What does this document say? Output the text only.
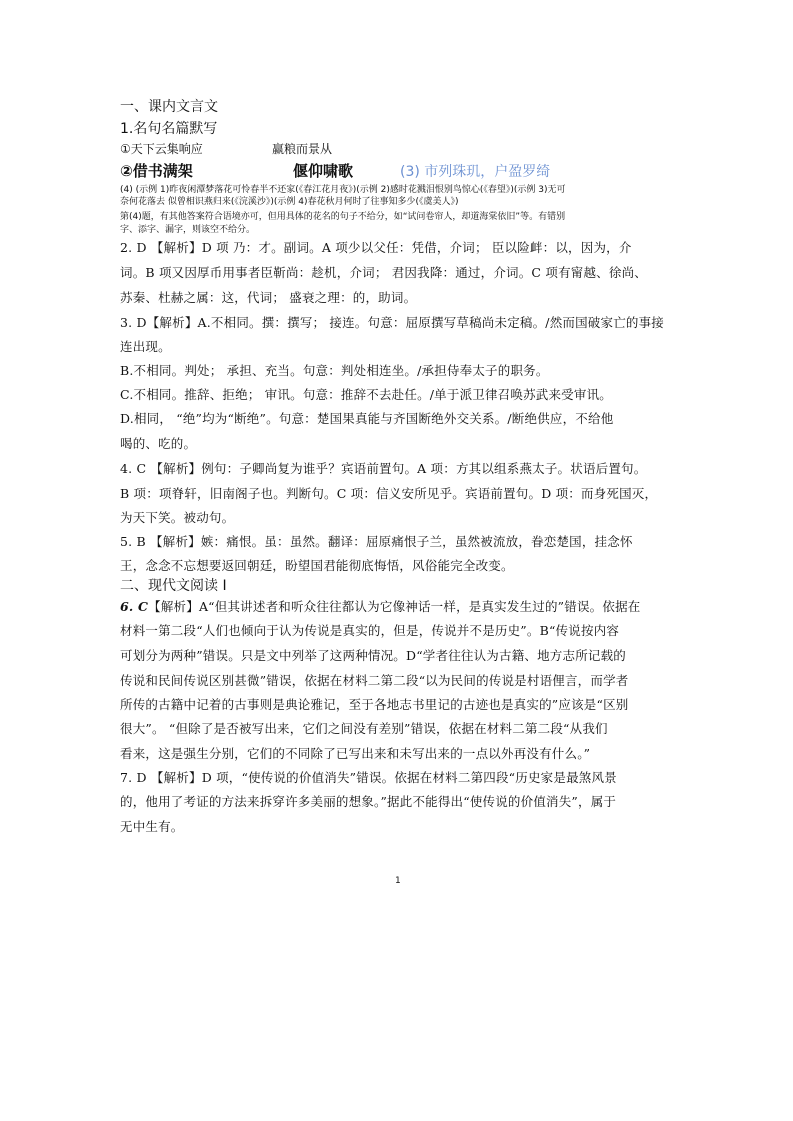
一、课内文言文
1.名句名篇默写
①天下云集响应	赢粮而景从
②借书满架	偃仰啸歌	(3) 市列珠玑，户盈罗绮
(4) (示例 1)昨夜闲潭梦落花可怜春半不还家(《春江花月夜》)(示例 2)感时花溅泪恨别鸟惊心(《春望》)(示例 3)无可
奈何花落去 似曾相识燕归来(《浣溪沙》)(示例 4)春花秋月何时了往事知多少(《虞美人》)
第(4)题，有其他答案符合语境亦可，但用具体的花名的句子不给分，如“试问卷帘人，却道海棠依旧”等。有错别
字、添字、漏字，则该空不给分。
2. D 【解析】D 项 乃：才。副词。A 项少以父任：凭借，介词； 臣以险衅：以，因为，介
词。B 项又因厚币用事者臣靳尚：趁机，介词； 君因我降：通过，介词。C 项有甯越、徐尚、
苏秦、杜赫之属：这，代词； 盛衰之理：的，助词。
3. D【解析】A.不相同。撰：撰写； 接连。句意：屈原撰写草稿尚未定稿。/然而国破家亡的事接
连出现。
B.不相同。判处； 承担、充当。句意：判处相连坐。/承担侍奉太子的职务。
C.不相同。推辞、拒绝； 审讯。句意：推辞不去赴任。/单于派卫律召唤苏武来受审讯。
D.相同， “绝”均为“断绝”。句意：楚国果真能与齐国断绝外交关系。/断绝供应，不给他
喝的、吃的。
4. C 【解析】例句：子卿尚复为谁乎？宾语前置句。A 项：方其以组系燕太子。状语后置句。
B 项：项脊轩，旧南阁子也。判断句。C 项：信义安所见乎。宾语前置句。D 项：而身死国灭，
为天下笑。被动句。
5. B 【解析】嫉：痛恨。虽：虽然。翻译：屈原痛恨子兰，虽然被流放，眷恋楚国，挂念怀
王，念念不忘想要返回朝廷，盼望国君能彻底悔悟，风俗能完全改变。
二、现代文阅读 I
6. C【解析】A“但其讲述者和听众往往都认为它像神话一样，是真实发生过的”错误。依据在
材料一第二段“人们也倾向于认为传说是真实的，但是，传说并不是历史”。B“传说按内容
可划分为两种”错误。只是文中列举了这两种情况。D“学者往往认为古籍、地方志所记载的
传说和民间传说区别甚微”错误，依据在材料二第二段“以为民间的传说是村语俚言，而学者
所传的古籍中记着的古事则是典论雅记，至于各地志书里记的古迹也是真实的”应该是“区别
很大”。 “但除了是否被写出来，它们之间没有差别”错误，依据在材料二第二段“从我们
看来，这是强生分别，它们的不同除了已写出来和未写出来的一点以外再没有什么。”
7. D 【解析】D 项，“使传说的价值消失”错误。依据在材料二第四段“历史家是最煞风景
的，他用了考证的方法来拆穿许多美丽的想象。”据此不能得出“使传说的价值消失”，属于
无中生有。
1
